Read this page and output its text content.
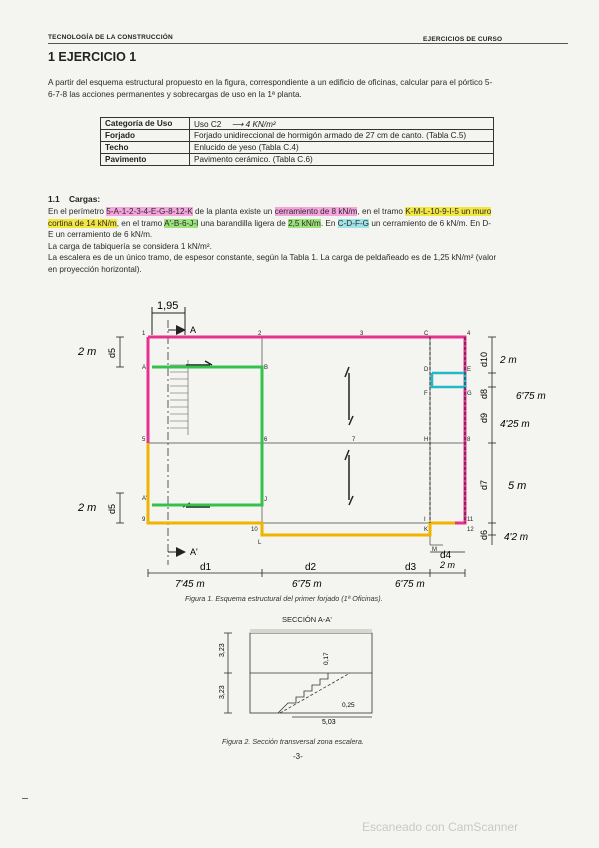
TECNOLOGÍA DE LA CONSTRUCCIÓN	EJERCICIOS DE CURSO
1 EJERCICIO 1
A partir del esquema estructural propuesto en la figura, correspondiente a un edificio de oficinas, calcular para el pórtico 5-
6-7-8 las acciones permanentes y sobrecargas de uso en la 1ª planta.
Categoría de Uso	Uso C2 ⟶ 4 KN/m²
Forjado	Forjado unidireccional de hormigón armado de 27 cm de canto. (Tabla C.5)
Techo	Enlucido de yeso (Tabla C.4)
Pavimento	Pavimento cerámico. (Tabla C.6)
1.1 Cargas:
En el perímetro 5-A-1-2-3-4-E-G-8-12-K de la planta existe un cerramiento de 8 kN/m, en el tramo K-M-L-10-9-I-5 un muro
cortina de 14 kN/m, en el tramo A'-B-6-J-I una barandilla ligera de 2,5 kN/m. En C-D-F-G un cerramiento de 6 kN/m. En D-
E un cerramiento de 6 kN/m.
La carga de tabiquería se considera 1 kN/m².
La escalera es de un único tramo, de espesor constante, según la Tabla 1. La carga de peldañeado es de 1,25 kN/m² (valor
en proyección horizontal).
1,95
A
A'
1	2	3	4
5
A
A'
B
C
D	E
F	G
H
I
J
K
L
M
6	7	8
9
10
11
12
d5
d5
2 m
2 m
d10
d8
d9
d7
d6
2 m
6'75 m
4'25 m
5 m
4'2 m
d1	d2	d3
d4
2 m
7'45 m	6'75 m	6'75 m
Figura 1. Esquema estructural del primer forjado (1ª Oficinas).
SECCIÓN A-A'
3,23
3,23
0,17
0,25
5,03
Figura 2. Sección transversal zona escalera.
-3-
Escaneado con CamScanner
